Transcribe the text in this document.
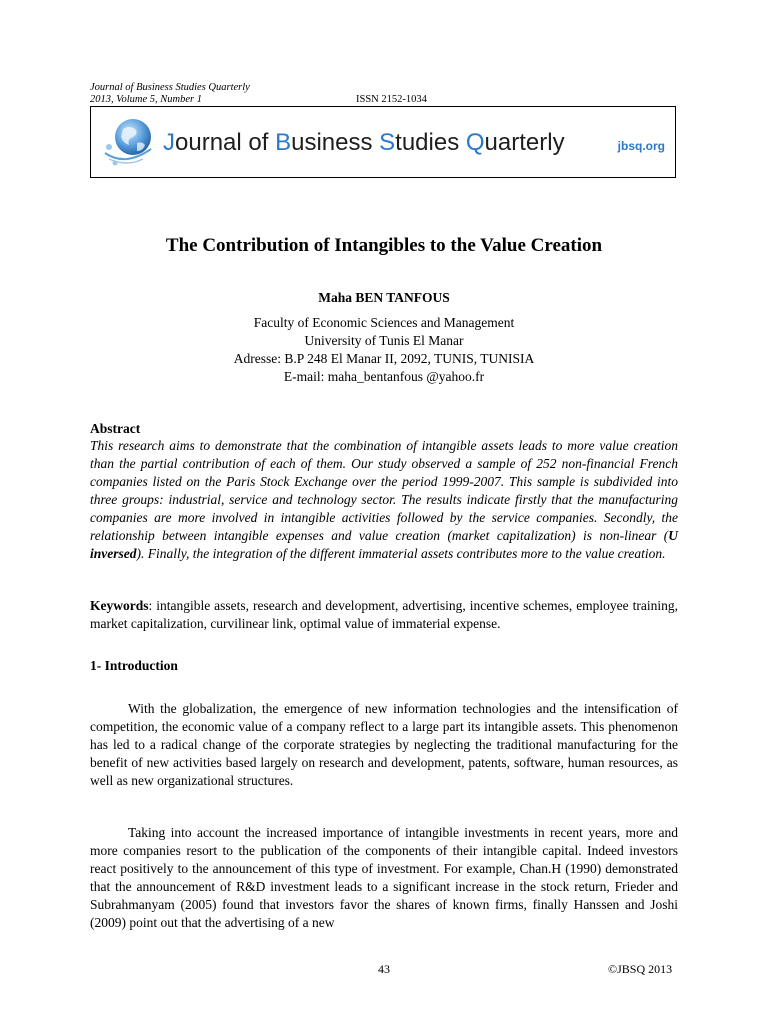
Journal of Business Studies Quarterly
2013, Volume 5, Number 1	ISSN 2152-1034
Journal of Business Studies Quarterly	jbsq.org
The Contribution of Intangibles to the Value Creation
Maha BEN TANFOUS
Faculty of Economic Sciences and Management
University of Tunis El Manar
Adresse: B.P 248 El Manar II, 2092, TUNIS, TUNISIA
E-mail: maha_bentanfous @yahoo.fr
Abstract

This research aims to demonstrate that the combination of intangible assets leads to more value creation than the partial contribution of each of them. Our study observed a sample of 252 non-financial French companies listed on the Paris Stock Exchange over the period 1999-2007. This sample is subdivided into three groups: industrial, service and technology sector. The results indicate firstly that the manufacturing companies are more involved in intangible activities followed by the service companies. Secondly, the relationship between intangible expenses and value creation (market capitalization) is non-linear (U inversed). Finally, the integration of the different immaterial assets contributes more to the value creation.

Keywords: intangible assets, research and development, advertising, incentive schemes, employee training, market capitalization, curvilinear link, optimal value of immaterial expense.

1- Introduction

With the globalization, the emergence of new information technologies and the intensification of competition, the economic value of a company reflect to a large part its intangible assets. This phenomenon has led to a radical change of the corporate strategies by neglecting the traditional manufacturing for the benefit of new activities based largely on research and development, patents, software, human resources, as well as new organizational structures.

Taking into account the increased importance of intangible investments in recent years, more and more companies resort to the publication of the components of their intangible capital. Indeed investors react positively to the announcement of this type of investment. For example, Chan.H (1990) demonstrated that the announcement of R&D investment leads to a significant increase in the stock return, Frieder and Subrahmanyam (2005) found that investors favor the shares of known firms, finally Hanssen and Joshi (2009) point out that the advertising of a new

43	©JBSQ 2013
